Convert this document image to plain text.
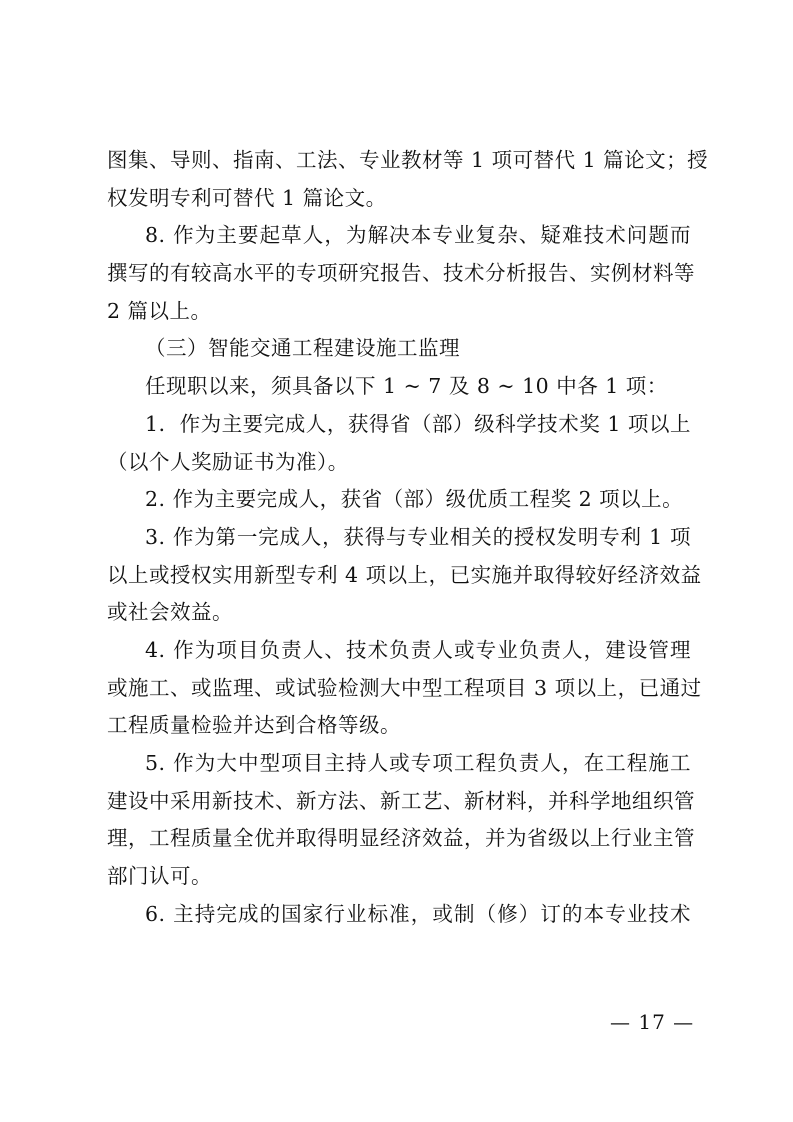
图集、导则、指南、工法、专业教材等 1 项可替代 1 篇论文；授
权发明专利可替代 1 篇论文。
8. 作为主要起草人，为解决本专业复杂、疑难技术问题而
撰写的有较高水平的专项研究报告、技术分析报告、实例材料等
2 篇以上。
（三）智能交通工程建设施工监理
任现职以来，须具备以下 1 ~ 7 及 8 ~ 10 中各 1 项：
1．作为主要完成人，获得省（部）级科学技术奖 1 项以上
（以个人奖励证书为准）。
2. 作为主要完成人，获省（部）级优质工程奖 2 项以上。
3. 作为第一完成人，获得与专业相关的授权发明专利 1 项
以上或授权实用新型专利 4 项以上，已实施并取得较好经济效益
或社会效益。
4. 作为项目负责人、技术负责人或专业负责人，建设管理
或施工、或监理、或试验检测大中型工程项目 3 项以上，已通过
工程质量检验并达到合格等级。
5. 作为大中型项目主持人或专项工程负责人，在工程施工
建设中采用新技术、新方法、新工艺、新材料，并科学地组织管
理，工程质量全优并取得明显经济效益，并为省级以上行业主管
部门认可。
6. 主持完成的国家行业标准，或制（修）订的本专业技术
— 17 —
